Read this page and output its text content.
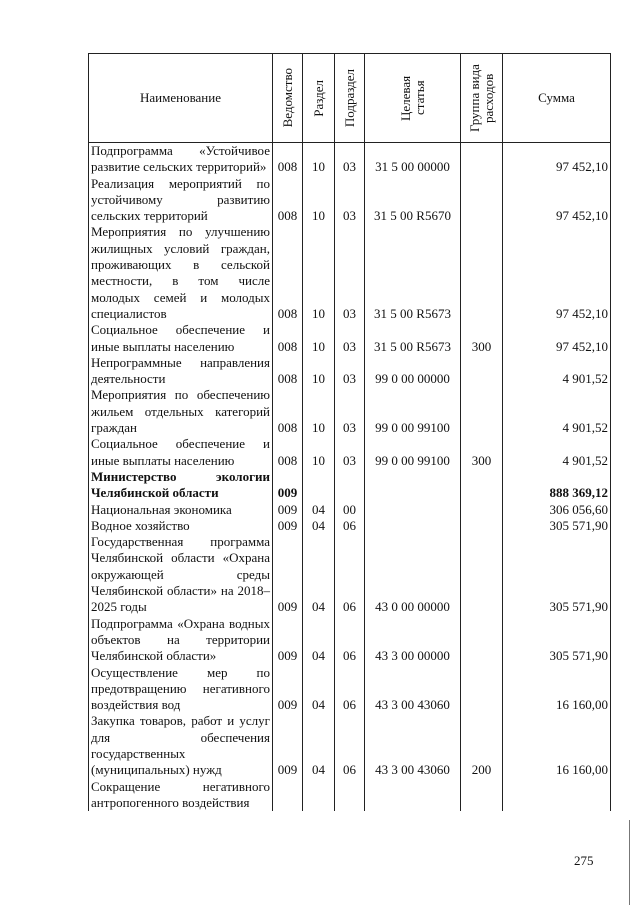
Наименование	Ведомство	Раздел	Подраздел	Целевая статья	Группа вида расходов	Сумма
Подпрограмма «Устойчивое развитие сельских территорий»	008	10	03	31 5 00 00000		97 452,10
Реализация мероприятий по устойчивому развитию сельских территорий	008	10	03	31 5 00 R5670		97 452,10
Мероприятия по улучшению жилищных условий граждан, проживающих в сельской местности, в том числе молодых семей и молодых специалистов	008	10	03	31 5 00 R5673		97 452,10
Социальное обеспечение и иные выплаты населению	008	10	03	31 5 00 R5673	300	97 452,10
Непрограммные направления деятельности	008	10	03	99 0 00 00000		4 901,52
Мероприятия по обеспечению жильем отдельных категорий граждан	008	10	03	99 0 00 99100		4 901,52
Социальное обеспечение и иные выплаты населению	008	10	03	99 0 00 99100	300	4 901,52
Министерство экологии Челябинской области	009					888 369,12
Национальная экономика	009	04	00			306 056,60
Водное хозяйство	009	04	06			305 571,90
Государственная программа Челябинской области «Охрана окружающей среды Челябинской области» на 2018–2025 годы	009	04	06	43 0 00 00000		305 571,90
Подпрограмма «Охрана водных объектов на территории Челябинской области»	009	04	06	43 3 00 00000		305 571,90
Осуществление мер по предотвращению негативного воздействия вод	009	04	06	43 3 00 43060		16 160,00
Закупка товаров, работ и услуг для обеспечения государственных (муниципальных) нужд	009	04	06	43 3 00 43060	200	16 160,00
Сокращение негативного антропогенного воздействия						
275
